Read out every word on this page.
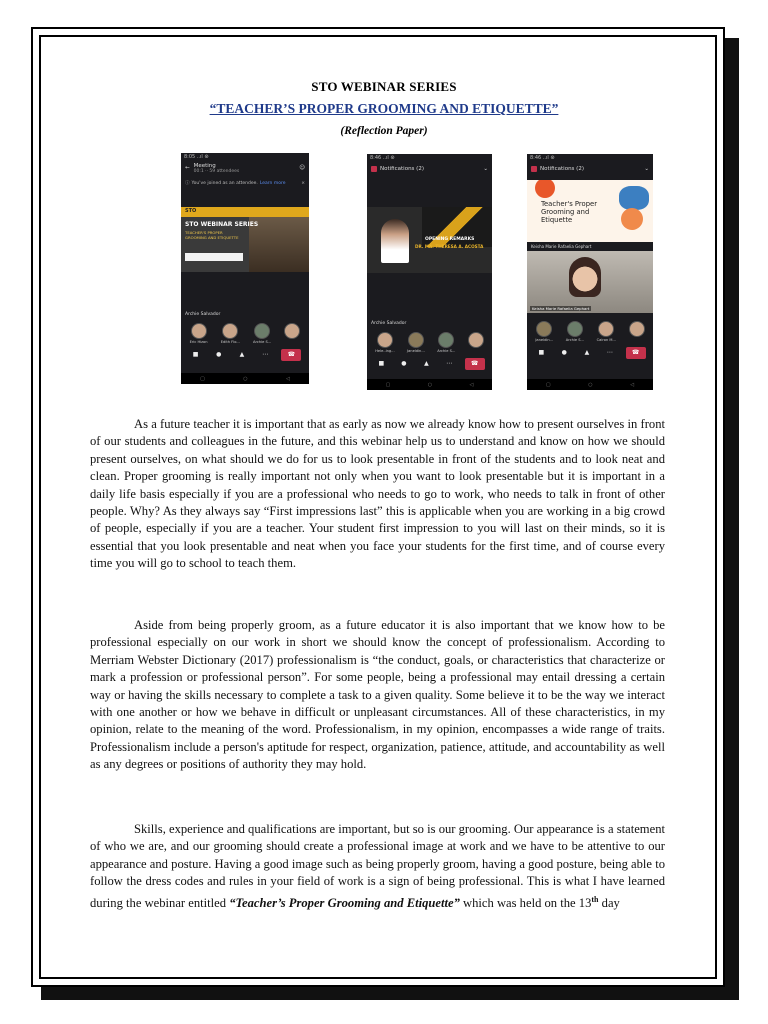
STO WEBINAR SERIES
“TEACHER’S PROPER GROOMING AND ETIQUETTE”
(Reflection Paper)
8:05 ..ıl ⊛
← Meeting
00:1 ·· 59 attendees	☺
ⓘ You've joined as an attendee. Learn more	×
STO
STO WEBINAR SERIES
TEACHER'S PROPER GROOMING AND ETIQUETTE
Archie Salvador
Eric Hizon	Edith Flo...	Archie S...
■	●	▲	⋯	☎
▢	○	◁
8:46 ..ıl ⊛
Notifications (2)	⌄
OPENING REMARKS
DR. MA. THERESA A. ACOSTA
Archie Salvador
Hele..ing...	Janeldin...	Archie S...
■	●	▲	⋯	☎
▢	○	◁
8:46 ..ıl ⊛
Notifications (2)	⌄
Teacher's Proper Grooming and Etiquette
Keisha Marie Rafaelia Gephart
Keisha Marie Rafaelia Gephart
Janeldin...	Archie S...	Cairon M...
■	●	▲	⋯	☎
▢	○	◁

As a future teacher it is important that as early as now we already know how to present ourselves in front of our students and colleagues in the future, and this webinar help us to understand and know on how we should present ourselves, on what should we do for us to look presentable in front of the students and to look neat and clean. Proper grooming is really important not only when you want to look presentable but it is important in a daily life basis especially if you are a professional who needs to go to work, who needs to talk in front of other people. Why? As they always say “First impressions last” this is applicable when you are working in a big crowd of people, especially if you are a teacher. Your student first impression to you will last on their minds, so it is essential that you look presentable and neat when you face your students for the first time, and of course every time you will go to school to teach them.

Aside from being properly groom, as a future educator it is also important that we know how to be professional especially on our work in short we should know the concept of professionalism. According to Merriam Webster Dictionary (2017) professionalism is “the conduct, goals, or characteristics that characterize or mark a profession or professional person”. For some people, being a professional may entail dressing a certain way or having the skills necessary to complete a task to a given quality. Some believe it to be the way we interact with one another or how we behave in difficult or unpleasant circumstances. All of these characteristics, in my opinion, relate to the meaning of the word. Professionalism, in my opinion, encompasses a wide range of traits. Professionalism include a person's aptitude for respect, organization, patience, attitude, and accountability as well as any degrees or positions of authority they may hold.

Skills, experience and qualifications are important, but so is our grooming. Our appearance is a statement of who we are, and our grooming should create a professional image at work and we have to be attentive to our appearance and posture. Having a good image such as being properly groom, having a good posture, being able to follow the dress codes and rules in your field of work is a sign of being professional. This is what I have learned during the webinar entitled “Teacher’s Proper Grooming and Etiquette” which was held on the 13th day
